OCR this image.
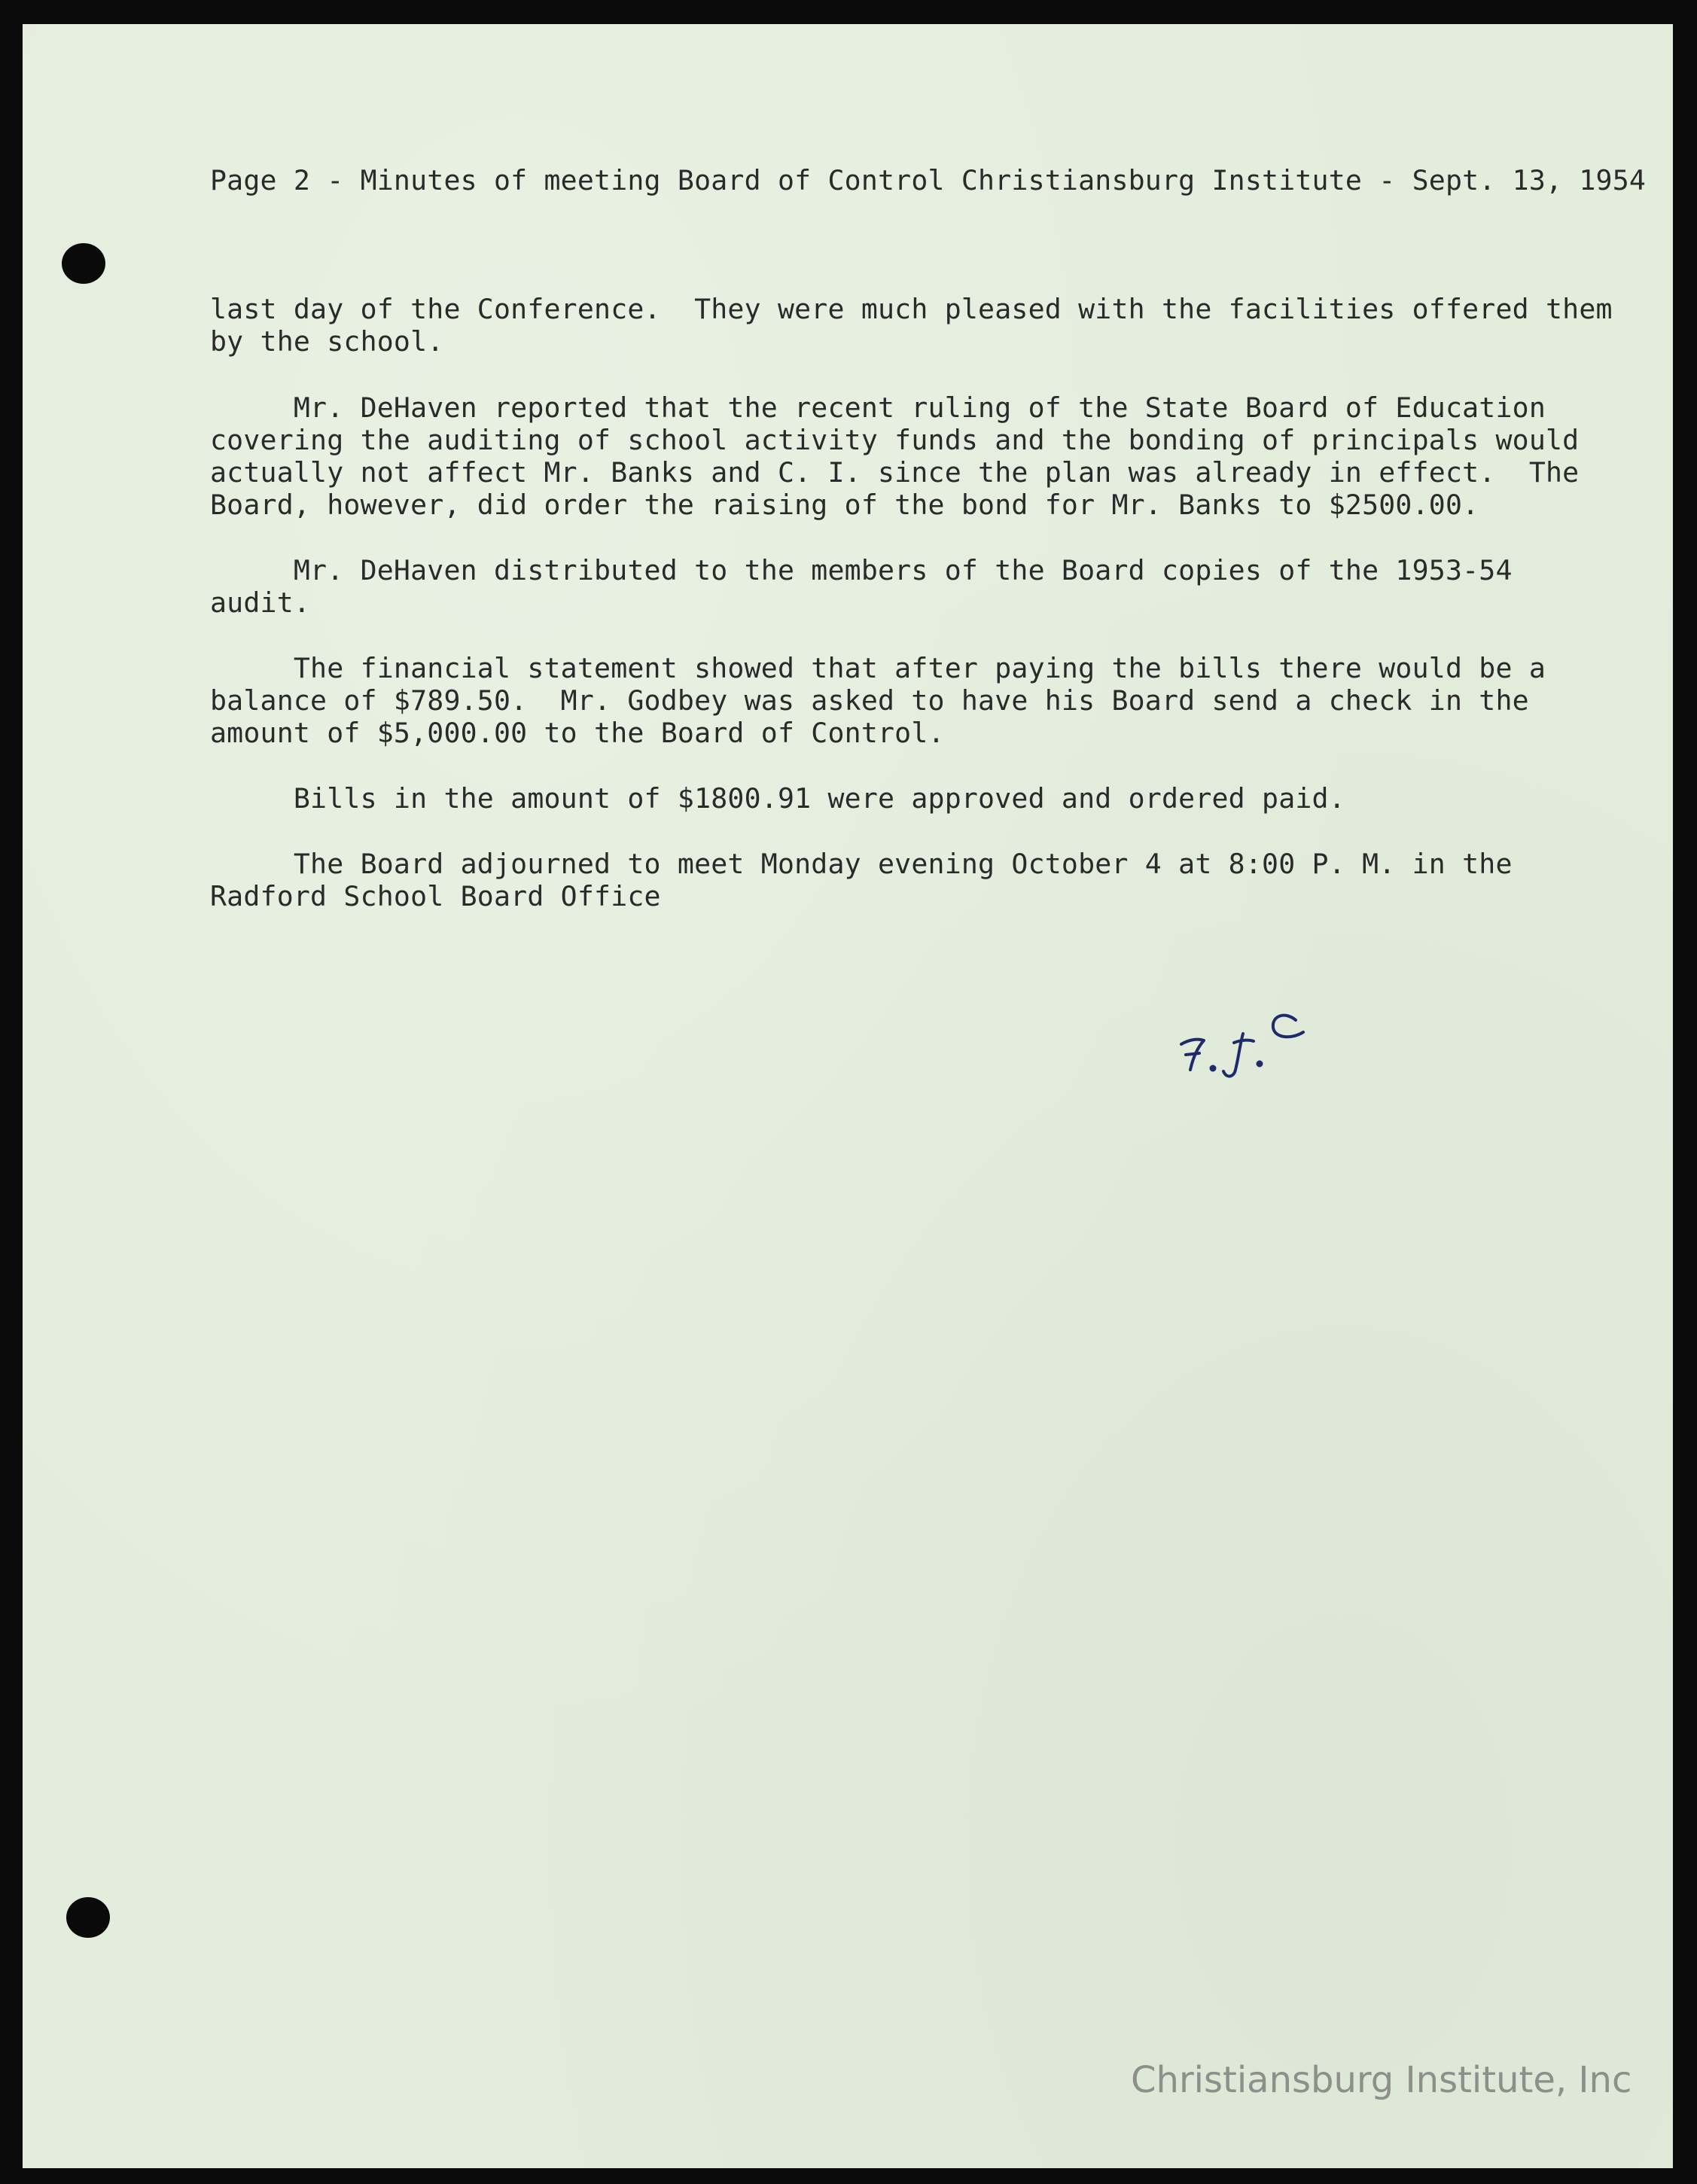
Page 2 - Minutes of meeting Board of Control Christiansburg Institute - Sept. 13, 1954

last day of the Conference.  They were much pleased with the facilities offered them
by the school.

Mr. DeHaven reported that the recent ruling of the State Board of Education
covering the auditing of school activity funds and the bonding of principals would
actually not affect Mr. Banks and C. I. since the plan was already in effect.  The
Board, however, did order the raising of the bond for Mr. Banks to $2500.00.

Mr. DeHaven distributed to the members of the Board copies of the 1953-54
audit.

The financial statement showed that after paying the bills there would be a
balance of $789.50.  Mr. Godbey was asked to have his Board send a check in the
amount of $5,000.00 to the Board of Control.

Bills in the amount of $1800.91 were approved and ordered paid.

The Board adjourned to meet Monday evening October 4 at 8:00 P. M. in the
Radford School Board Office

Christiansburg Institute, Inc
